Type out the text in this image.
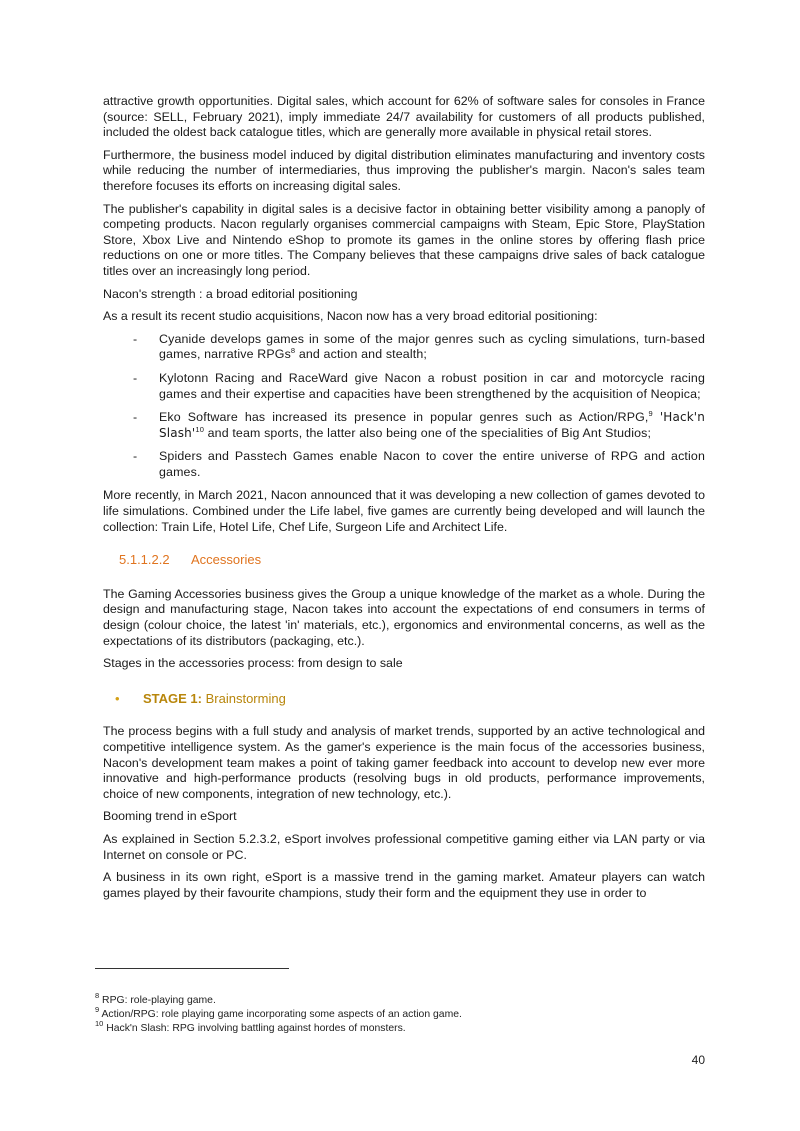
attractive growth opportunities. Digital sales, which account for 62% of software sales for consoles in France (source: SELL, February 2021), imply immediate 24/7 availability for customers of all products published, included the oldest back catalogue titles, which are generally more available in physical retail stores.

Furthermore, the business model induced by digital distribution eliminates manufacturing and inventory costs while reducing the number of intermediaries, thus improving the publisher's margin. Nacon's sales team therefore focuses its efforts on increasing digital sales.

The publisher's capability in digital sales is a decisive factor in obtaining better visibility among a panoply of competing products. Nacon regularly organises commercial campaigns with Steam, Epic Store, PlayStation Store, Xbox Live and Nintendo eShop to promote its games in the online stores by offering flash price reductions on one or more titles. The Company believes that these campaigns drive sales of back catalogue titles over an increasingly long period.

Nacon's strength : a broad editorial positioning

As a result its recent studio acquisitions, Nacon now has a very broad editorial positioning:

- Cyanide develops games in some of the major genres such as cycling simulations, turn-based games, narrative RPGs$^8$ and action and stealth;
- Kylotonn Racing and RaceWard give Nacon a robust position in car and motorcycle racing games and their expertise and capacities have been strengthened by the acquisition of Neopica;
- Eko Software has increased its presence in popular genres such as Action/RPG,$^9$ 'Hack'n $Slash'^{10}$ and team sports, the latter also being one of the specialities of Big Ant Studios;
- Spiders and Passtech Games enable Nacon to cover the entire universe of RPG and action games.

More recently, in March 2021, Nacon announced that it was developing a new collection of games devoted to life simulations. Combined under the Life label, five games are currently being developed and will launch the collection: Train Life, Hotel Life, Chef Life, Surgeon Life and Architect Life.

5.1.1.2.2 Accessories

The Gaming Accessories business gives the Group a unique knowledge of the market as a whole. During the design and manufacturing stage, Nacon takes into account the expectations of end consumers in terms of design (colour choice, the latest 'in' materials, etc.), ergonomics and environmental concerns, as well as the expectations of its distributors (packaging, etc.).

Stages in the accessories process: from design to sale

• STAGE 1: Brainstorming

The process begins with a full study and analysis of market trends, supported by an active technological and competitive intelligence system. As the gamer's experience is the main focus of the accessories business, Nacon's development team makes a point of taking gamer feedback into account to develop new ever more innovative and high-performance products (resolving bugs in old products, performance improvements, choice of new components, integration of new technology, etc.).

Booming trend in eSport

As explained in Section 5.2.3.2, eSport involves professional competitive gaming either via LAN party or via Internet on console or PC.

A business in its own right, eSport is a massive trend in the gaming market. Amateur players can watch games played by their favourite champions, study their form and the equipment they use in order to

$^8$ RPG: role-playing game.
$^9$ Action/RPG: role playing game incorporating some aspects of an action game.
$^{10}$ Hack'n Slash: RPG involving battling against hordes of monsters.
40
